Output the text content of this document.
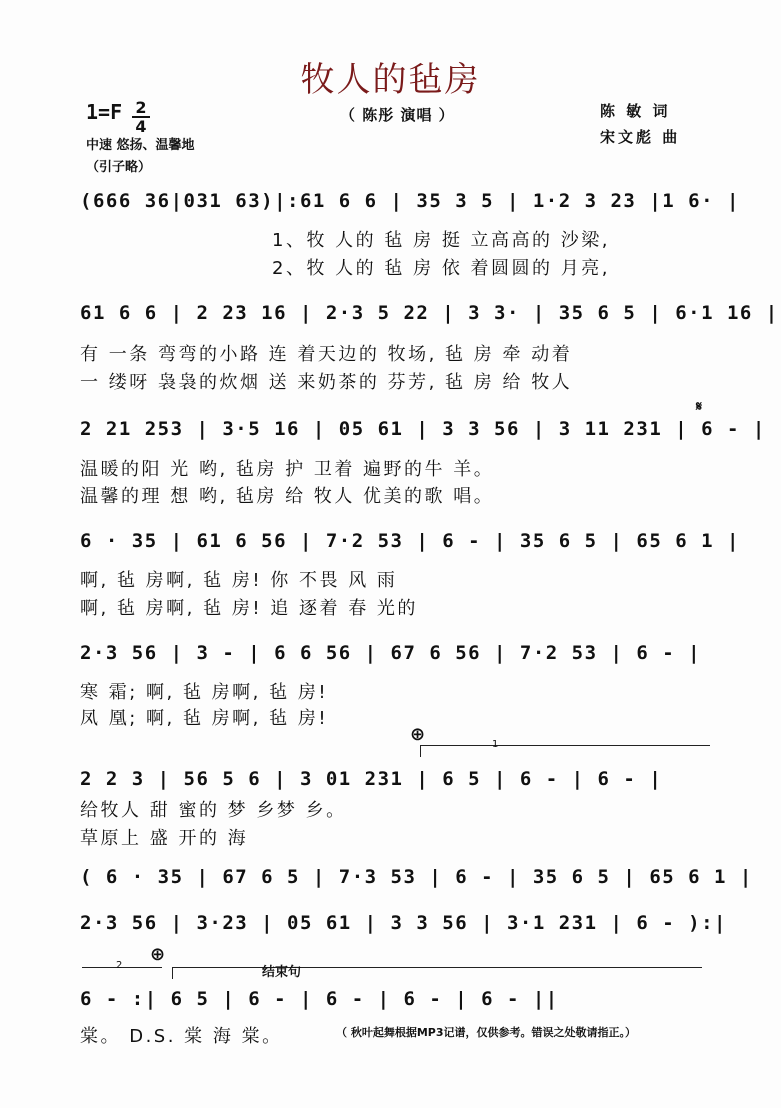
牧人的毡房
1=F 2
4
中速 悠扬、温馨地
（引子略）
（ 陈彤 演唱 ）	陈 敏 词
宋文彪 曲
(666 36|031 63)|:61 6 6 | 35 3 5 | 1·2 3 23 |1 6· |
1、牧 人的 毡 房 挺 立高高的 沙梁,
2、牧 人的 毡 房 依 着圆圆的 月亮,
61 6 6 | 2 23 16 | 2·3 5 22 | 3 3· | 35 6 5 | 6·1 16 |
有 一条 弯弯的小路 连 着天边的 牧场, 毡 房 牵 动着
一 缕呀 袅袅的炊烟 送 来奶茶的 芬芳, 毡 房 给 牧人
𝄋
2 21 253 | 3·5 16 | 05 61 | 3 3 56 | 3 11 231 | 6 - |
温暖的阳 光 哟, 毡房 护 卫着 遍野的牛 羊。
温馨的理 想 哟, 毡房 给 牧人 优美的歌 唱。
6 · 35 | 61 6 56 | 7·2 53 | 6 - | 35 6 5 | 65 6 1 |
啊, 毡 房啊, 毡 房! 你 不畏 风 雨
啊, 毡 房啊, 毡 房! 追 逐着 春 光的
2·3 56 | 3 - | 6 6 56 | 67 6 56 | 7·2 53 | 6 - |
寒 霜; 啊, 毡 房啊, 毡 房!
凤 凰; 啊, 毡 房啊, 毡 房!
⊕	1
2 2 3 | 56 5 6 | 3 01 231 | 6 5 | 6 - | 6 - |
给牧人 甜 蜜的 梦 乡梦 乡。
草原上 盛 开的 海
( 6 · 35 | 67 6 5 | 7·3 53 | 6 - | 35 6 5 | 65 6 1 |
2·3 56 | 3·23 | 05 61 | 3 3 56 | 3·1 231 | 6 - ):|
2
⊕
结束句
6 - :| 6 5 | 6 - | 6 - | 6 - | 6 - ||
棠。 D.S. 棠 海 棠。	（ 秋叶起舞根据MP3记谱，仅供参考。错误之处敬请指正。）
